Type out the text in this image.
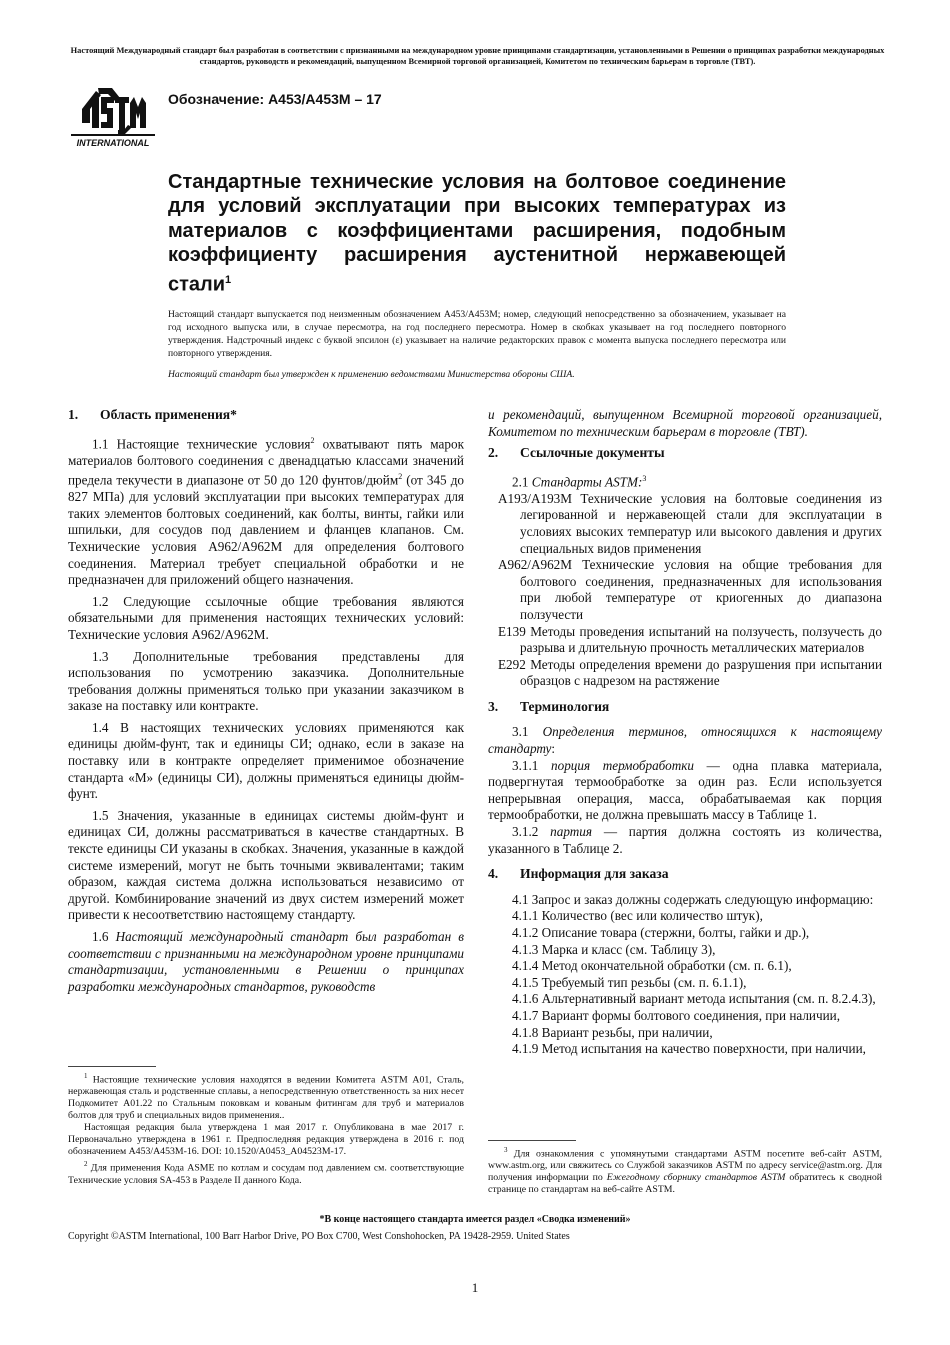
Настоящий Международный стандарт был разработан в соответствии с признанными на международном уровне принципами стандартизации, установленными в Решении о принципах разработки международных стандартов, руководств и рекомендаций, выпущенном Всемирной торговой организацией, Комитетом по техническим барьерам в торговле (ТВТ).
INTERNATIONAL
Обозначение: A453/A453M – 17
Стандартные технические условия на болтовое соединение для условий эксплуатации при высоких температурах из материалов с коэффициентами расширения, подобным коэффициенту расширения аустенитной нержавеющей стали$^1$
Настоящий стандарт выпускается под неизменным обозначением A453/A453M; номер, следующий непосредственно за обозначением, указывает на год исходного выпуска или, в случае пересмотра, на год последнего пересмотра. Номер в скобках указывает на год последнего повторного утверждения. Надстрочный индекс с буквой эпсилон (ε) указывает на наличие редакторских правок с момента выпуска последнего пересмотра или повторного утверждения.
Настоящий стандарт был утвержден к применению ведомствами Министерства обороны США.
1. Область применения*

1.1 Настоящие технические условия$^2$ охватывают пять марок материалов болтового соединения с двенадцатью классами значений предела текучести в диапазоне от 50 до 120 фунтов/дюйм$^2$ (от 345 до 827 МПа) для условий эксплуатации при высоких температурах для таких элементов болтовых соединений, как болты, винты, гайки или шпильки, для сосудов под давлением и фланцев клапанов. См. Технические условия A962/A962M для определения болтового соединения. Материал требует специальной обработки и не предназначен для приложений общего назначения.

1.2 Следующие ссылочные общие требования являются обязательными для применения настоящих технических условий: Технические условия A962/A962M.

1.3 Дополнительные требования представлены для использования по усмотрению заказчика. Дополнительные требования должны применяться только при указании заказчиком в заказе на поставку или контракте.

1.4 В настоящих технических условиях применяются как единицы дюйм-фунт, так и единицы СИ; однако, если в заказе на поставку или в контракте определяет применимое обозначение стандарта «M» (единицы СИ), должны применяться единицы дюйм-фунт.

1.5 Значения, указанные в единицах системы дюйм-фунт и единицах СИ, должны рассматриваться в качестве стандартных. В тексте единицы СИ указаны в скобках. Значения, указанные в каждой системе измерений, могут не быть точными эквивалентами; таким образом, каждая система должна использоваться независимо от другой. Комбинирование значений из двух систем измерений может привести к несоответствию настоящему стандарту.

1.6 Настоящий международный стандарт был разработан в соответствии с признанными на международном уровне принципами стандартизации, установленными в Решении о принципах разработки международных стандартов, руководств

$^1$ Настоящие технические условия находятся в ведении Комитета ASTM A01, Сталь, нержавеющая сталь и родственные сплавы, а непосредственную ответственность за них несет Подкомитет A01.22 по Стальным поковкам и кованым фитингам для труб и материалов болтов для труб и специальных видов применения..

Настоящая редакция была утверждена 1 мая 2017 г. Опубликована в мае 2017 г. Первоначально утверждена в 1961 г. Предпоследняя редакция утверждена в 2016 г. под обозначением A453/A453M-16. DOI: 10.1520/A0453_A04523M-17.

$^2$ Для применения Кода ASME по котлам и сосудам под давлением см. соответствующие Технические условия SA-453 в Разделе II данного Кода.

и рекомендаций, выпущенном Всемирной торговой организацией, Комитетом по техническим барьерам в торговле (ТВТ).

2. Ссылочные документы

2.1 Стандарты ASTM:$^3$

A193/A193M Технические условия на болтовые соединения из легированной и нержавеющей стали для эксплуатации в условиях высоких температур или высокого давления и других специальных видов применения

A962/A962M Технические условия на общие требования для болтового соединения, предназначенных для использования при любой температуре от криогенных до диапазона ползучести

E139 Методы проведения испытаний на ползучесть, ползучесть до разрыва и длительную прочность металлических материалов

E292 Методы определения времени до разрушения при испытании образцов с надрезом на растяжение

3. Терминология

3.1 Определения терминов, относящихся к настоящему стандарту:

3.1.1 порция термобработки — одна плавка материала, подвергнутая термообработке за один раз. Если используется непрерывная операция, масса, обрабатываемая как порция термообработки, не должна превышать массу в Таблице 1.

3.1.2 партия — партия должна состоять из количества, указанного в Таблице 2.

4. Информация для заказа

4.1 Запрос и заказ должны содержать следующую информацию:

4.1.1 Количество (вес или количество штук),

4.1.2 Описание товара (стержни, болты, гайки и др.),

4.1.3 Марка и класс (см. Таблицу 3),

4.1.4 Метод окончательной обработки (см. п. 6.1),

4.1.5 Требуемый тип резьбы (см. п. 6.1.1),

4.1.6 Альтернативный вариант метода испытания (см. п. 8.2.4.3),

4.1.7 Вариант формы болтового соединения, при наличии,

4.1.8 Вариант резьбы, при наличии,

4.1.9 Метод испытания на качество поверхности, при наличии,

$^3$ Для ознакомления с упомянутыми стандартами ASTM посетите веб-сайт ASTM, www.astm.org, или свяжитесь со Службой заказчиков ASTM по адресу service@astm.org. Для получения информации по Ежегодному сборнику стандартов ASTM обратитесь к сводной странице по стандартам на веб-сайте ASTM.

*В конце настоящего стандарта имеется раздел «Сводка изменений»
Copyright ©ASTM International, 100 Barr Harbor Drive, PO Box C700, West Conshohocken, PA 19428-2959. United States
1
